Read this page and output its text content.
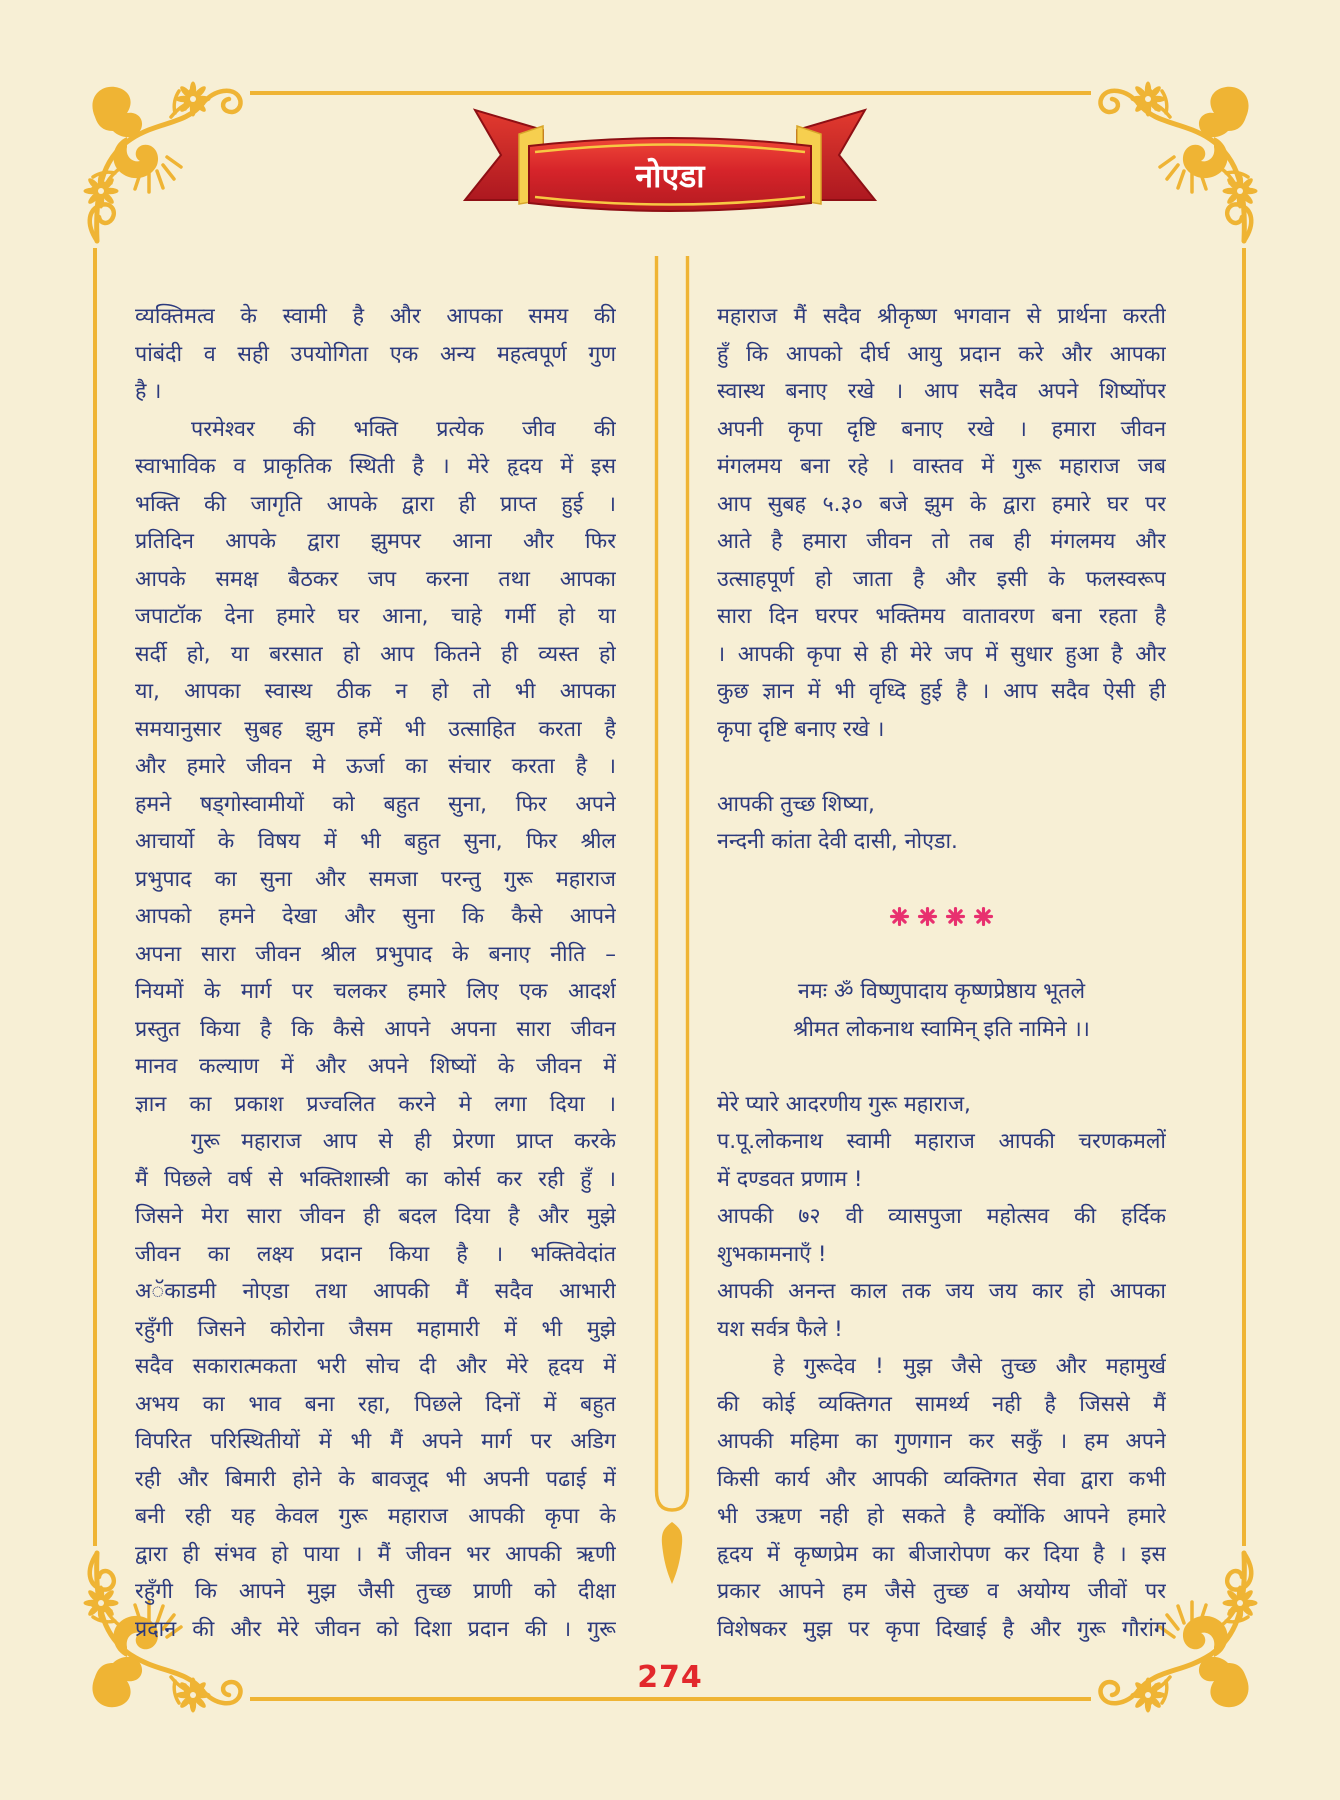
नोएडा
व्यक्तिमत्व के स्वामी है और आपका समय की
पांबंदी व सही उपयोगिता एक अन्य महत्वपूर्ण गुण
है ।
परमेश्वर की भक्ति प्रत्येक जीव की
स्वाभाविक व प्राकृतिक स्थिती है । मेरे हृदय में इस
भक्ति की जागृति आपके द्वारा ही प्राप्त हुई ।
प्रतिदिन आपके द्वारा झुमपर आना और फिर
आपके समक्ष बैठकर जप करना तथा आपका
जपाटॉक देना हमारे घर आना, चाहे गर्मी हो या
सर्दी हो, या बरसात हो आप कितने ही व्यस्त हो
या, आपका स्वास्थ ठीक न हो तो भी आपका
समयानुसार सुबह झुम हमें भी उत्साहित करता है
और हमारे जीवन मे ऊर्जा का संचार करता है ।
हमने षड्गोस्वामीयों को बहुत सुना, फिर अपने
आचार्यो के विषय में भी बहुत सुना, फिर श्रील
प्रभुपाद का सुना और समजा परन्तु गुरू महाराज
आपको हमने देखा और सुना कि कैसे आपने
अपना सारा जीवन श्रील प्रभुपाद के बनाए नीति –
नियमों के मार्ग पर चलकर हमारे लिए एक आदर्श
प्रस्तुत किया है कि कैसे आपने अपना सारा जीवन
मानव कल्याण में और अपने शिष्यों के जीवन में
ज्ञान का प्रकाश प्रज्वलित करने मे लगा दिया ।
गुरू महाराज आप से ही प्रेरणा प्राप्त करके
मैं पिछले वर्ष से भक्तिशास्त्री का कोर्स कर रही हुँ ।
जिसने मेरा सारा जीवन ही बदल दिया है और मुझे
जीवन का लक्ष्य प्रदान किया है । भक्तिवेदांत
अॅकाडमी नोएडा तथा आपकी मैं सदैव आभारी
रहुँगी जिसने कोरोना जैसम महामारी में भी मुझे
सदैव सकारात्मकता भरी सोच दी और मेरे हृदय में
अभय का भाव बना रहा, पिछले दिनों में बहुत
विपरित परिस्थितीयों में भी मैं अपने मार्ग पर अडिग
रही और बिमारी होने के बावजूद भी अपनी पढाई में
बनी रही यह केवल गुरू महाराज आपकी कृपा के
द्वारा ही संभव हो पाया । मैं जीवन भर आपकी ऋणी
रहुँगी कि आपने मुझ जैसी तुच्छ प्राणी को दीक्षा
प्रदान की और मेरे जीवन को दिशा प्रदान की । गुरू
महाराज मैं सदैव श्रीकृष्ण भगवान से प्रार्थना करती
हुँ कि आपको दीर्घ आयु प्रदान करे और आपका
स्वास्थ बनाए रखे । आप सदैव अपने शिष्योंपर
अपनी कृपा दृष्टि बनाए रखे । हमारा जीवन
मंगलमय बना रहे । वास्तव में गुरू महाराज जब
आप सुबह ५.३० बजे झुम के द्वारा हमारे घर पर
आते है हमारा जीवन तो तब ही मंगलमय और
उत्साहपूर्ण हो जाता है और इसी के फलस्वरूप
सारा दिन घरपर भक्तिमय वातावरण बना रहता है
। आपकी कृपा से ही मेरे जप में सुधार हुआ है और
कुछ ज्ञान में भी वृध्दि हुई है । आप सदैव ऐसी ही
कृपा दृष्टि बनाए रखे ।
आपकी तुच्छ शिष्या,
नन्दनी कांता देवी दासी, नोएडा.
नमः ॐ विष्णुपादाय कृष्णप्रेष्ठाय भूतले
श्रीमत लोकनाथ स्वामिन् इति नामिने ।।
मेरे प्यारे आदरणीय गुरू महाराज,
प.पू.लोकनाथ स्वामी महाराज आपकी चरणकमलों
में दण्डवत प्रणाम !
आपकी ७२ वी व्यासपुजा महोत्सव की हर्दिक
शुभकामनाएँ !
आपकी अनन्त काल तक जय जय कार हो आपका
यश सर्वत्र फैले !
हे गुरूदेव ! मुझ जैसे तुच्छ और महामुर्ख
की कोई व्यक्तिगत सामर्थ्य नही है जिससे मैं
आपकी महिमा का गुणगान कर सकुँ । हम अपने
किसी कार्य और आपकी व्यक्तिगत सेवा द्वारा कभी
भी उऋण नही हो सकते है क्योंकि आपने हमारे
हृदय में कृष्णप्रेम का बीजारोपण कर दिया है । इस
प्रकार आपने हम जैसे तुच्छ व अयोग्य जीवों पर
विशेषकर मुझ पर कृपा दिखाई है और गुरू गौरांग
274
